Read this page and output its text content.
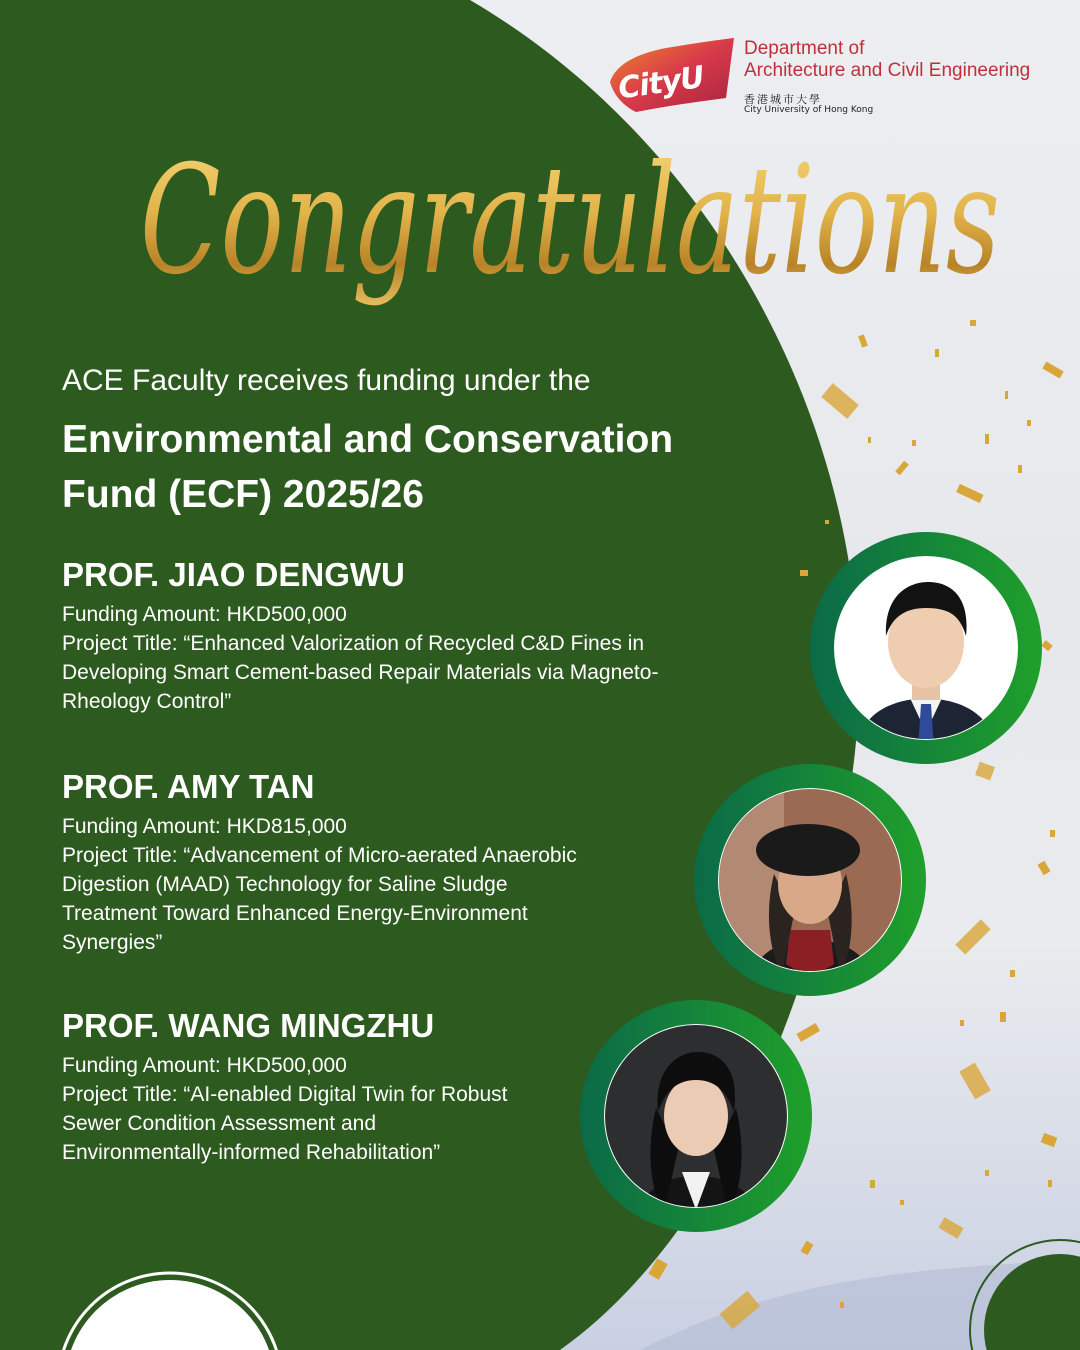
CityU
Department of
Architecture and Civil Engineering
香港城市大學
City University of Hong Kong
Congratulations
ACE Faculty receives funding under the
Environmental and Conservation
Fund (ECF) 2025/26
PROF. JIAO DENGWU
Funding Amount: HKD500,000
Project Title: “Enhanced Valorization of Recycled C&D Fines in
Developing Smart Cement-based Repair Materials via Magneto-
Rheology Control”
PROF. AMY TAN
Funding Amount: HKD815,000
Project Title: “Advancement of Micro-aerated Anaerobic
Digestion (MAAD) Technology for Saline Sludge
Treatment Toward Enhanced Energy-Environment
Synergies”
PROF. WANG MINGZHU
Funding Amount: HKD500,000
Project Title: “AI-enabled Digital Twin for Robust
Sewer Condition Assessment and
Environmentally-informed Rehabilitation”
